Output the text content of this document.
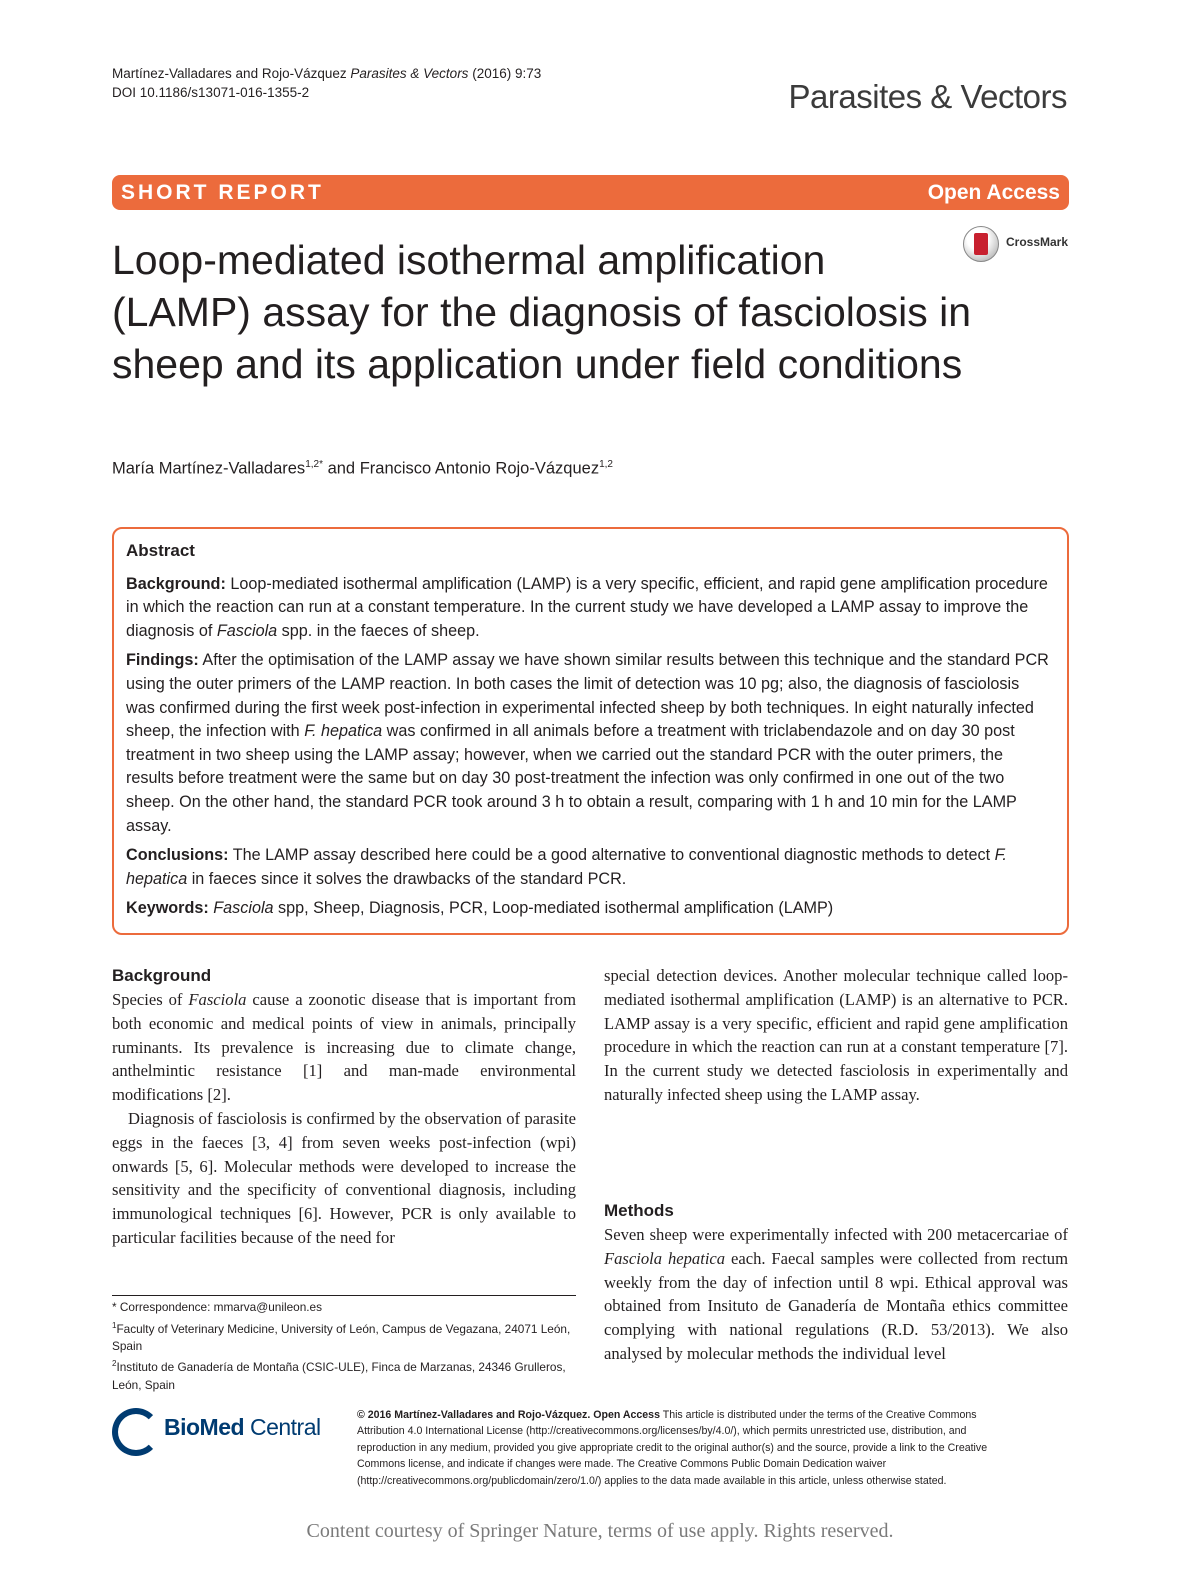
Martínez-Valladares and Rojo-Vázquez Parasites & Vectors (2016) 9:73
DOI 10.1186/s13071-016-1355-2	Parasites & Vectors
SHORT REPORT	Open Access
CrossMark
Loop-mediated isothermal amplification (LAMP) assay for the diagnosis of fasciolosis in sheep and its application under field conditions
María Martínez-Valladares$^{1,2*}$ and Francisco Antonio Rojo-Vázquez$^{1,2}$
Abstract

Background: Loop-mediated isothermal amplification (LAMP) is a very specific, efficient, and rapid gene amplification procedure in which the reaction can run at a constant temperature. In the current study we have developed a LAMP assay to improve the diagnosis of Fasciola spp. in the faeces of sheep.

Findings: After the optimisation of the LAMP assay we have shown similar results between this technique and the standard PCR using the outer primers of the LAMP reaction. In both cases the limit of detection was 10 pg; also, the diagnosis of fasciolosis was confirmed during the first week post-infection in experimental infected sheep by both techniques. In eight naturally infected sheep, the infection with F. hepatica was confirmed in all animals before a treatment with triclabendazole and on day 30 post treatment in two sheep using the LAMP assay; however, when we carried out the standard PCR with the outer primers, the results before treatment were the same but on day 30 post-treatment the infection was only confirmed in one out of the two sheep. On the other hand, the standard PCR took around 3 h to obtain a result, comparing with 1 h and 10 min for the LAMP assay.

Conclusions: The LAMP assay described here could be a good alternative to conventional diagnostic methods to detect F. hepatica in faeces since it solves the drawbacks of the standard PCR.

Keywords: Fasciola spp, Sheep, Diagnosis, PCR, Loop-mediated isothermal amplification (LAMP)

Background

Species of Fasciola cause a zoonotic disease that is important from both economic and medical points of view in animals, principally ruminants. Its prevalence is increasing due to climate change, anthelmintic resistance [1] and man-made environmental modifications [2].

Diagnosis of fasciolosis is confirmed by the observation of parasite eggs in the faeces [3, 4] from seven weeks post-infection (wpi) onwards [5, 6]. Molecular methods were developed to increase the sensitivity and the specificity of conventional diagnosis, including immunological techniques [6]. However, PCR is only available to particular facilities because of the need for

special detection devices. Another molecular technique called loop-mediated isothermal amplification (LAMP) is an alternative to PCR. LAMP assay is a very specific, efficient and rapid gene amplification procedure in which the reaction can run at a constant temperature [7]. In the current study we detected fasciolosis in experimentally and naturally infected sheep using the LAMP assay.

Methods

Seven sheep were experimentally infected with 200 metacercariae of Fasciola hepatica each. Faecal samples were collected from rectum weekly from the day of infection until 8 wpi. Ethical approval was obtained from Insituto de Ganadería de Montaña ethics committee complying with national regulations (R.D. 53/2013). We also analysed by molecular methods the individual level

* Correspondence: mmarva@unileon.es

$^1$Faculty of Veterinary Medicine, University of León, Campus de Vegazana, 24071 León, Spain

$^2$Instituto de Ganadería de Montaña (CSIC-ULE), Finca de Marzanas, 24346 Grulleros, León, Spain

BioMed Central	© 2016 Martínez-Valladares and Rojo-Vázquez. Open Access This article is distributed under the terms of the Creative Commons Attribution 4.0 International License (http://creativecommons.org/licenses/by/4.0/), which permits unrestricted use, distribution, and reproduction in any medium, provided you give appropriate credit to the original author(s) and the source, provide a link to the Creative Commons license, and indicate if changes were made. The Creative Commons Public Domain Dedication waiver (http://creativecommons.org/publicdomain/zero/1.0/) applies to the data made available in this article, unless otherwise stated.
Content courtesy of Springer Nature, terms of use apply. Rights reserved.
